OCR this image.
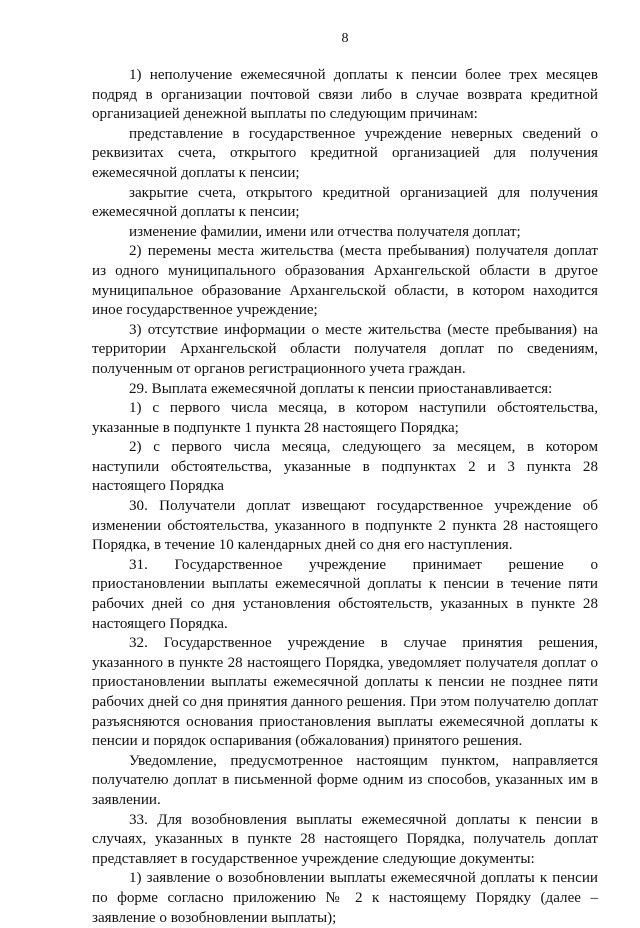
8

1) неполучение ежемесячной доплаты к пенсии более трех месяцев подряд в организации почтовой связи либо в случае возврата кредитной организацией денежной выплаты по следующим причинам:

представление в государственное учреждение неверных сведений о реквизитах счета, открытого кредитной организацией для получения ежемесячной доплаты к пенсии;

закрытие счета, открытого кредитной организацией для получения ежемесячной доплаты к пенсии;

изменение фамилии, имени или отчества получателя доплат;

2) перемены места жительства (места пребывания) получателя доплат из одного муниципального образования Архангельской области в другое муниципальное образование Архангельской области, в котором находится иное государственное учреждение;

3) отсутствие информации о месте жительства (месте пребывания) на территории Архангельской области получателя доплат по сведениям, полученным от органов регистрационного учета граждан.

29. Выплата ежемесячной доплаты к пенсии приостанавливается:

1) с первого числа месяца, в котором наступили обстоятельства, указанные в подпункте 1 пункта 28 настоящего Порядка;

2) с первого числа месяца, следующего за месяцем, в котором наступили обстоятельства, указанные в подпунктах 2 и 3 пункта 28 настоящего Порядка

30. Получатели доплат извещают государственное учреждение об изменении обстоятельства, указанного в подпункте 2 пункта 28 настоящего Порядка, в течение 10 календарных дней со дня его наступления.

31. Государственное учреждение принимает решение о приостановлении выплаты ежемесячной доплаты к пенсии в течение пяти рабочих дней со дня установления обстоятельств, указанных в пункте 28 настоящего Порядка.

32. Государственное учреждение в случае принятия решения, указанного в пункте 28 настоящего Порядка, уведомляет получателя доплат о приостановлении выплаты ежемесячной доплаты к пенсии не позднее пяти рабочих дней со дня принятия данного решения. При этом получателю доплат разъясняются основания приостановления выплаты ежемесячной доплаты к пенсии и порядок оспаривания (обжалования) принятого решения.

Уведомление, предусмотренное настоящим пунктом, направляется получателю доплат в письменной форме одним из способов, указанных им в заявлении.

33. Для возобновления выплаты ежемесячной доплаты к пенсии в случаях, указанных в пункте 28 настоящего Порядка, получатель доплат представляет в государственное учреждение следующие документы:

1) заявление о возобновлении выплаты ежемесячной доплаты к пенсии по форме согласно приложению № 2 к настоящему Порядку (далее – заявление о возобновлении выплаты);
